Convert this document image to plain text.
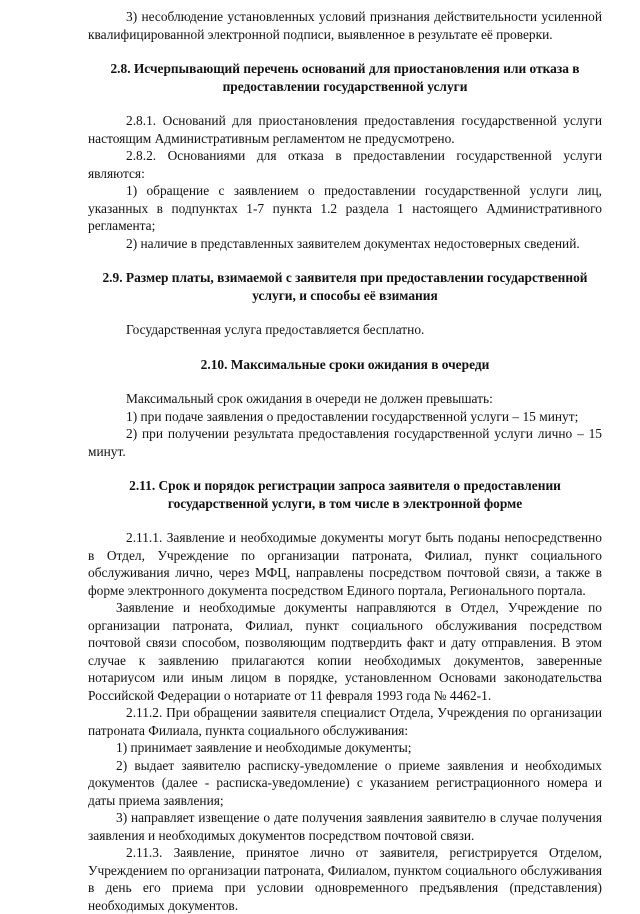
3) несоблюдение установленных условий признания действительности усиленной квалифицированной электронной подписи, выявленное в результате её проверки.

2.8. Исчерпывающий перечень оснований для приостановления или отказа в предоставлении государственной услуги

2.8.1. Оснований для приостановления предоставления государственной услуги настоящим Административным регламентом не предусмотрено.

2.8.2. Основаниями для отказа в предоставлении государственной услуги являются:

1) обращение с заявлением о предоставлении государственной услуги лиц, указанных в подпунктах 1-7 пункта 1.2 раздела 1 настоящего Административного регламента;

2) наличие в представленных заявителем документах недостоверных сведений.

2.9. Размер платы, взимаемой с заявителя при предоставлении государственной услуги, и способы её взимания

Государственная услуга предоставляется бесплатно.

2.10. Максимальные сроки ожидания в очереди

Максимальный срок ожидания в очереди не должен превышать:

1) при подаче заявления о предоставлении государственной услуги – 15 минут;

2) при получении результата предоставления государственной услуги лично – 15 минут.

2.11. Срок и порядок регистрации запроса заявителя о предоставлении государственной услуги, в том числе в электронной форме

2.11.1. Заявление и необходимые документы могут быть поданы непосредственно в Отдел, Учреждение по организации патроната, Филиал, пункт социального обслуживания лично, через МФЦ, направлены посредством почтовой связи, а также в форме электронного документа посредством Единого портала, Регионального портала.

Заявление и необходимые документы направляются в Отдел, Учреждение по организации патроната, Филиал, пункт социального обслуживания посредством почтовой связи способом, позволяющим подтвердить факт и дату отправления. В этом случае к заявлению прилагаются копии необходимых документов, заверенные нотариусом или иным лицом в порядке, установленном Основами законодательства Российской Федерации о нотариате от 11 февраля 1993 года № 4462-1.

2.11.2. При обращении заявителя специалист Отдела, Учреждения по организации патроната Филиала, пункта социального обслуживания:

1) принимает заявление и необходимые документы;

2) выдает заявителю расписку-уведомление о приеме заявления и необходимых документов (далее - расписка-уведомление) с указанием регистрационного номера и даты приема заявления;

3) направляет извещение о дате получения заявления заявителю в случае получения заявления и необходимых документов посредством почтовой связи.

2.11.3. Заявление, принятое лично от заявителя, регистрируется Отделом, Учреждением по организации патроната, Филиалом, пунктом социального обслуживания в день его приема при условии одновременного предъявления (представления) необходимых документов.
